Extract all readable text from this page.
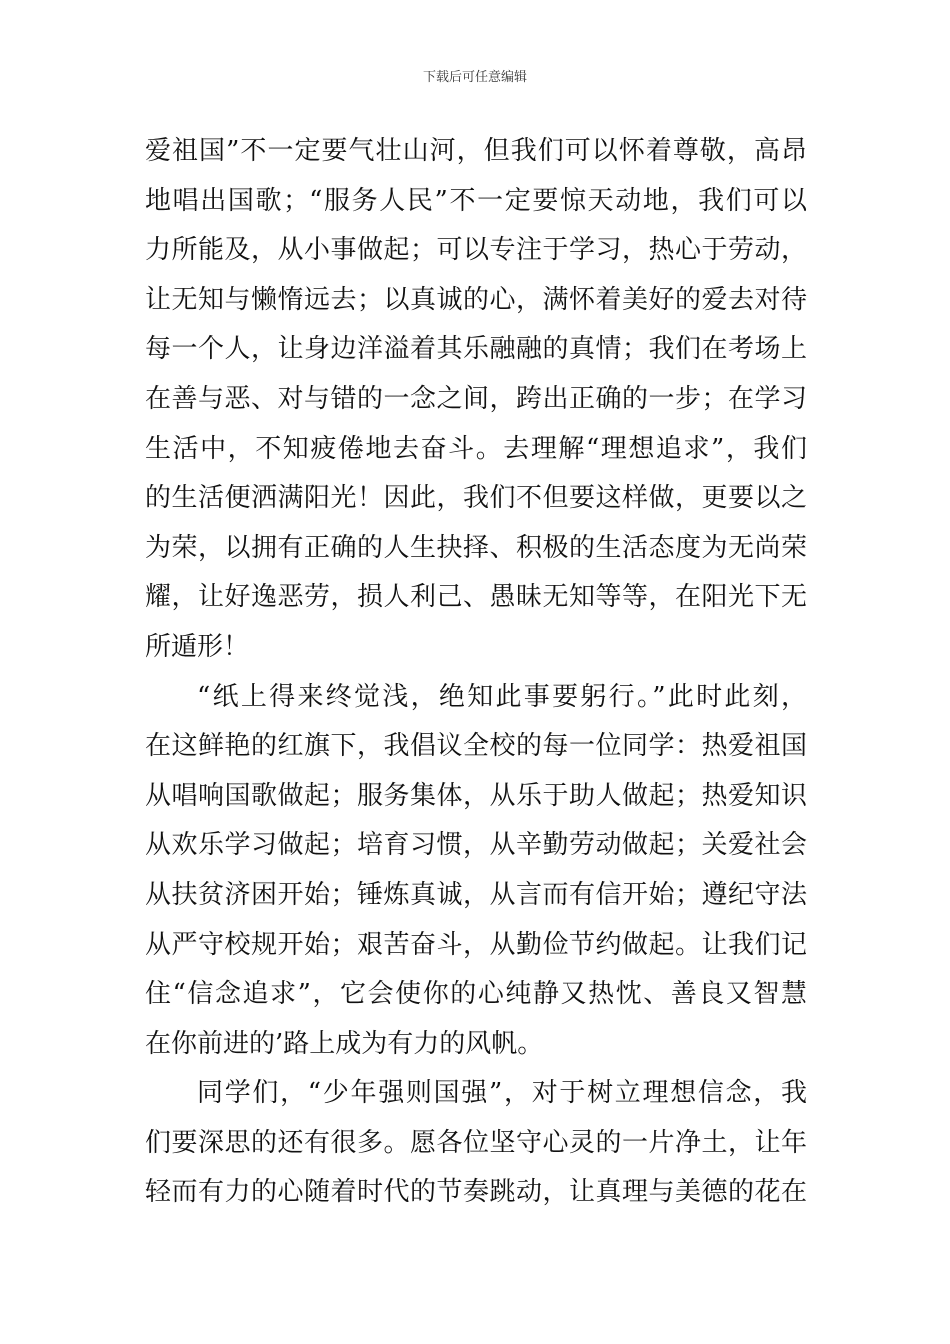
下载后可任意编辑
爱祖国”不一定要气壮山河，但我们可以怀着尊敬，高昂
地唱出国歌；“服务人民”不一定要惊天动地，我们可以
力所能及，从小事做起；可以专注于学习，热心于劳动，
让无知与懒惰远去；以真诚的心，满怀着美好的爱去对待
每一个人，让身边洋溢着其乐融融的真情；我们在考场上
在善与恶、对与错的一念之间，跨出正确的一步；在学习
生活中，不知疲倦地去奋斗。去理解“理想追求”，我们
的生活便洒满阳光！因此，我们不但要这样做，更要以之
为荣，以拥有正确的人生抉择、积极的生活态度为无尚荣
耀，让好逸恶劳，损人利己、愚昧无知等等，在阳光下无
所遁形！
“纸上得来终觉浅，绝知此事要躬行。”此时此刻，
在这鲜艳的红旗下，我倡议全校的每一位同学：热爱祖国
从唱响国歌做起；服务集体，从乐于助人做起；热爱知识
从欢乐学习做起；培育习惯，从辛勤劳动做起；关爱社会
从扶贫济困开始；锤炼真诚，从言而有信开始；遵纪守法
从严守校规开始；艰苦奋斗，从勤俭节约做起。让我们记
住“信念追求”，它会使你的心纯静又热忱、善良又智慧
在你前进的’路上成为有力的风帆。
同学们，“少年强则国强”，对于树立理想信念，我
们要深思的还有很多。愿各位坚守心灵的一片净土，让年
轻而有力的心随着时代的节奏跳动，让真理与美德的花在
